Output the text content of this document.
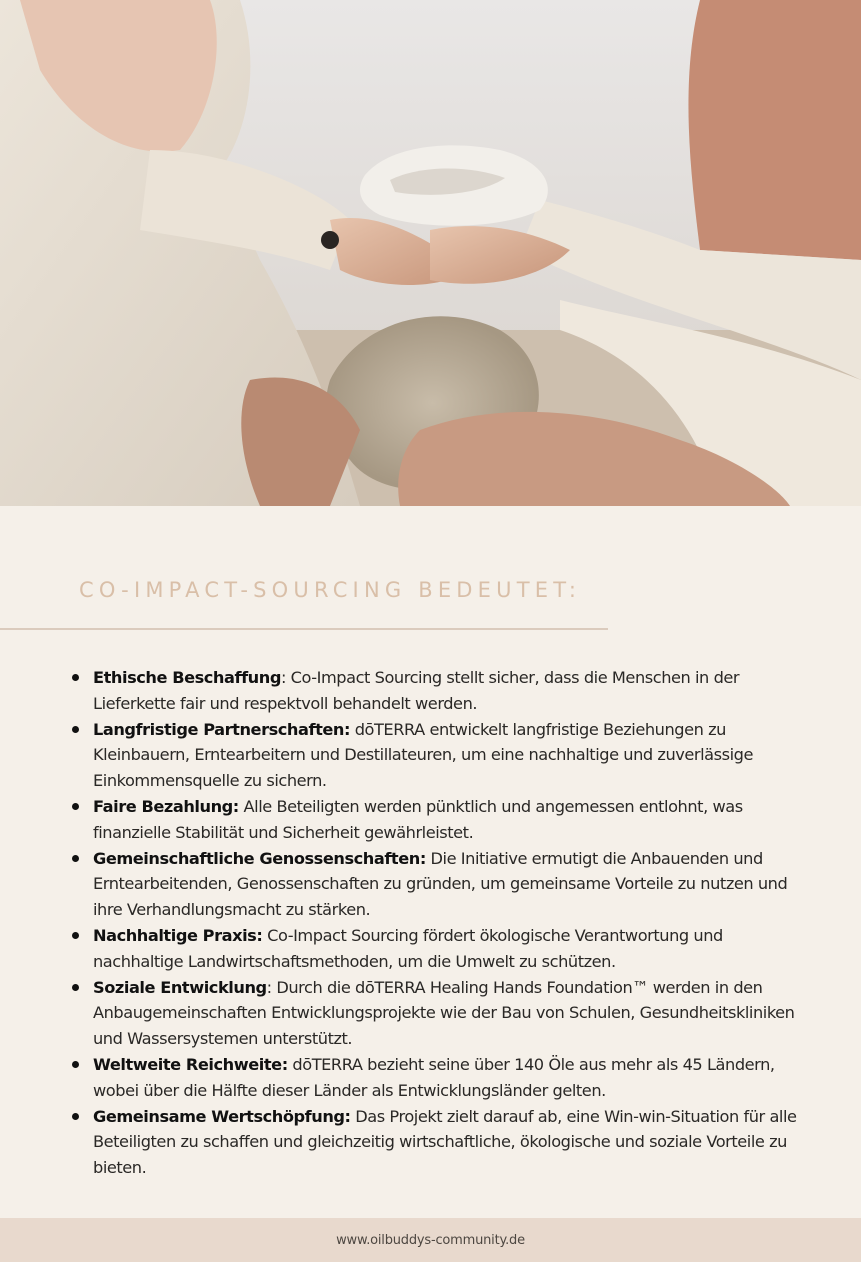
CO-IMPACT-SOURCING BEDEUTET:
Ethische Beschaffung: Co-Impact Sourcing stellt sicher, dass die Menschen in der Lieferkette fair und respektvoll behandelt werden.
Langfristige Partnerschaften: dōTERRA entwickelt langfristige Beziehungen zu Kleinbauern, Erntearbeitern und Destillateuren, um eine nachhaltige und zuverlässige Einkommensquelle zu sichern.
Faire Bezahlung: Alle Beteiligten werden pünktlich und angemessen entlohnt, was finanzielle Stabilität und Sicherheit gewährleistet.
Gemeinschaftliche Genossenschaften: Die Initiative ermutigt die Anbauenden und Erntearbeitenden, Genossenschaften zu gründen, um gemeinsame Vorteile zu nutzen und ihre Verhandlungsmacht zu stärken.
Nachhaltige Praxis: Co-Impact Sourcing fördert ökologische Verantwortung und nachhaltige Landwirtschaftsmethoden, um die Umwelt zu schützen.
Soziale Entwicklung: Durch die dōTERRA Healing Hands Foundation™ werden in den Anbaugemeinschaften Entwicklungsprojekte wie der Bau von Schulen, Gesundheitskliniken und Wassersystemen unterstützt.
Weltweite Reichweite: dōTERRA bezieht seine über 140 Öle aus mehr als 45 Ländern, wobei über die Hälfte dieser Länder als Entwicklungsländer gelten.
Gemeinsame Wertschöpfung: Das Projekt zielt darauf ab, eine Win-win-Situation für alle Beteiligten zu schaffen und gleichzeitig wirtschaftliche, ökologische und soziale Vorteile zu bieten.
www.oilbuddys-community.de
